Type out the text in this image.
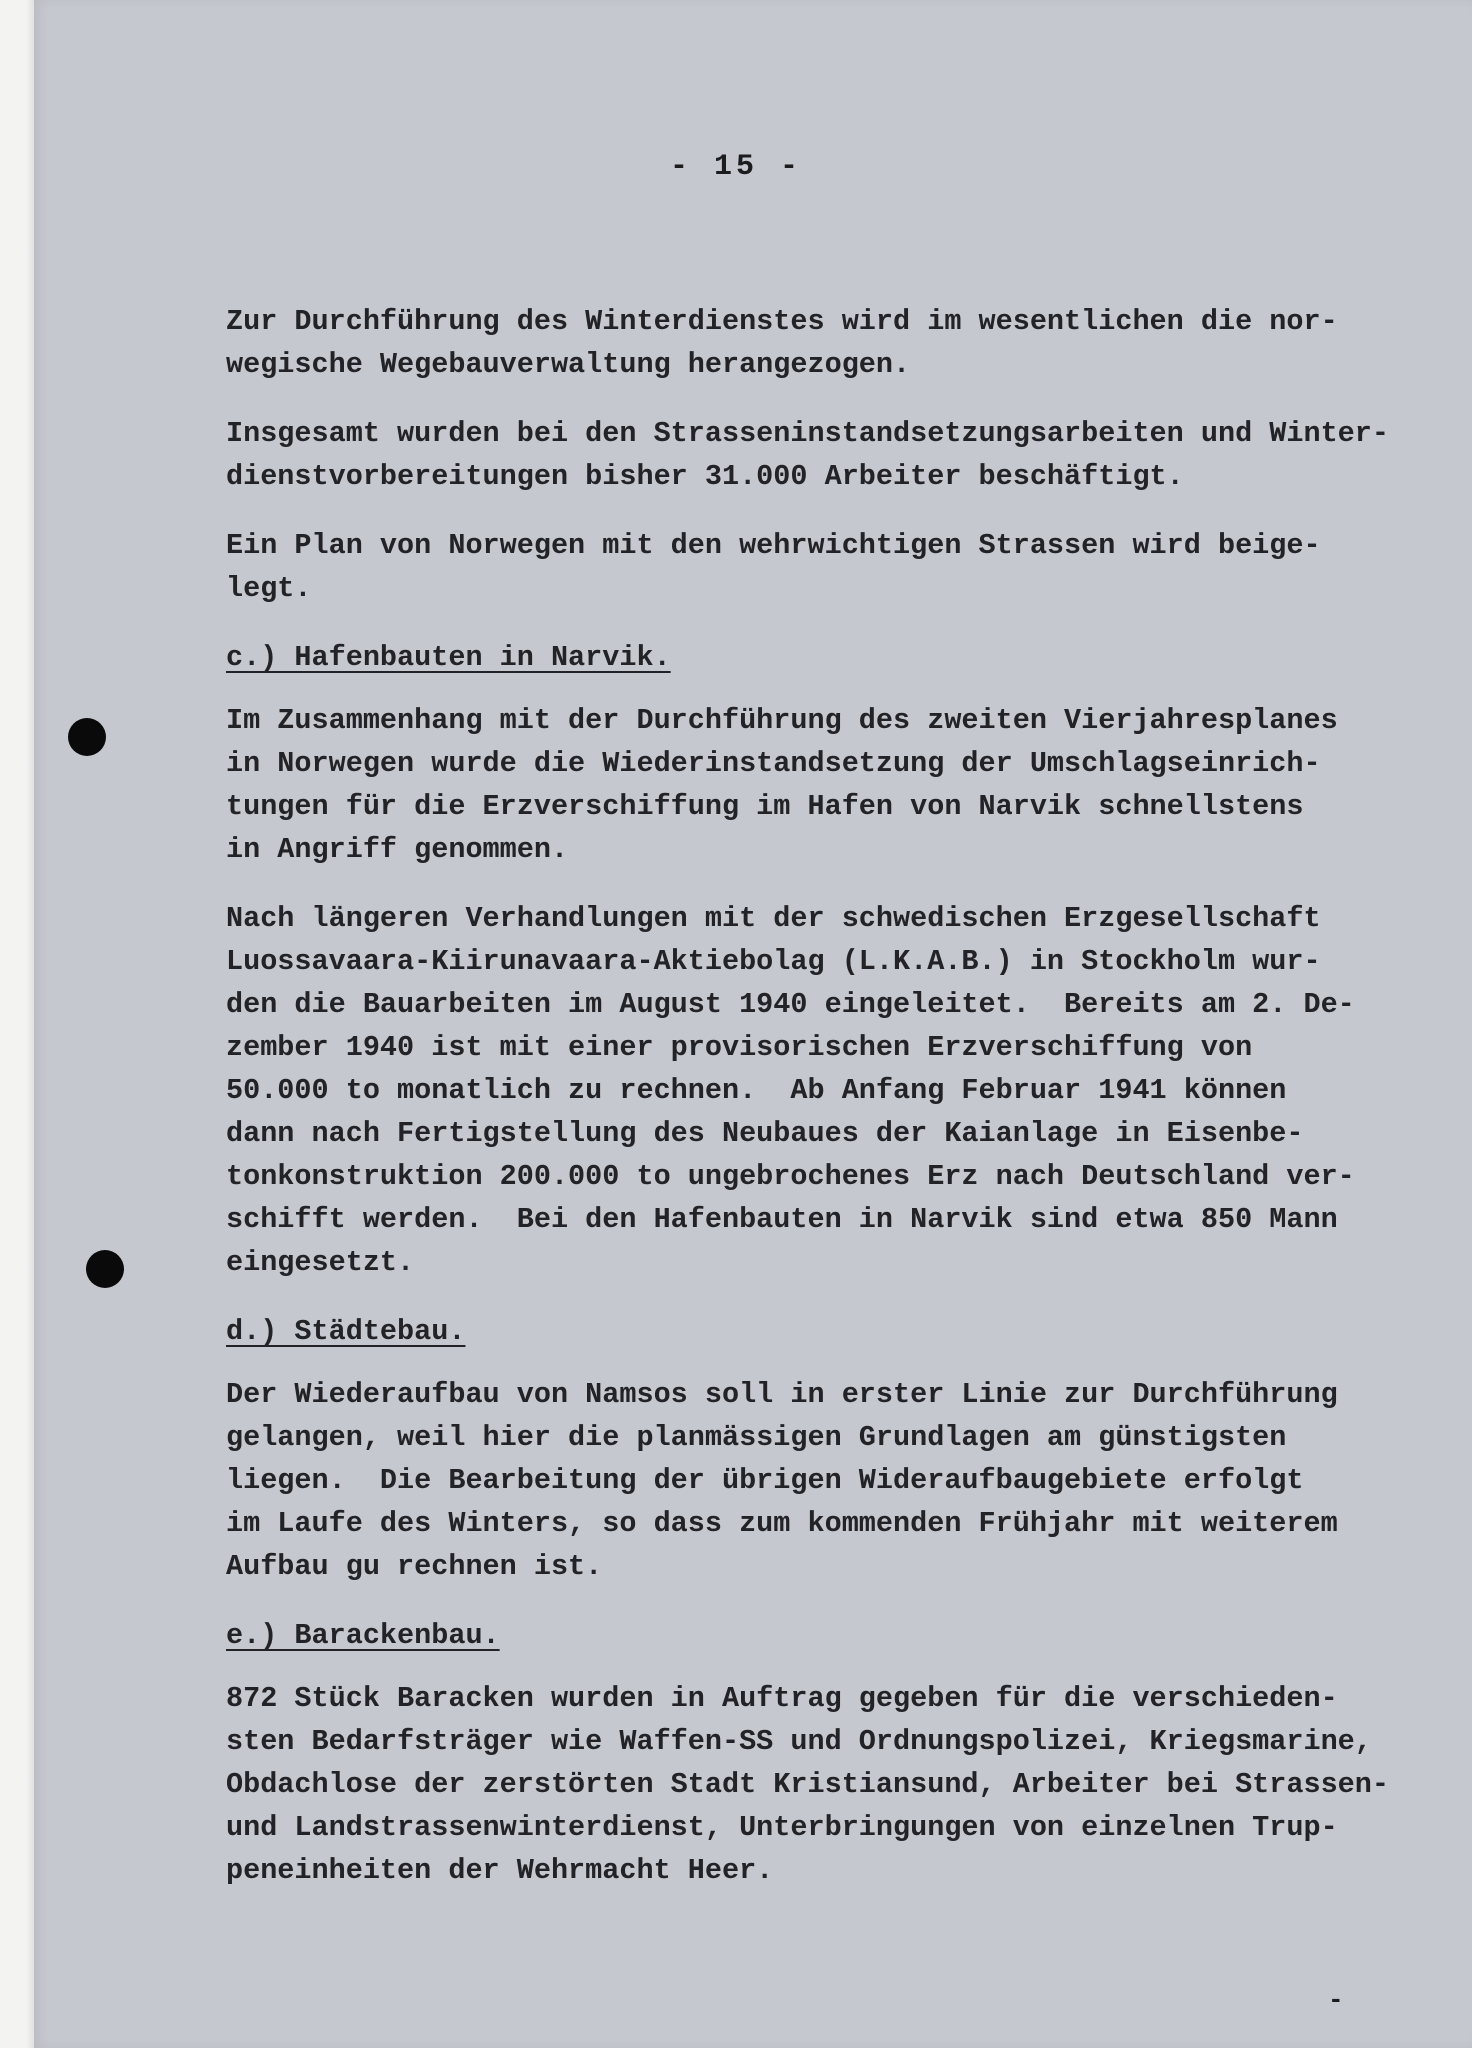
- 15 -

Zur Durchführung des Winterdienstes wird im wesentlichen die nor-
wegische Wegebauverwaltung herangezogen.

Insgesamt wurden bei den Strasseninstandsetzungsarbeiten und Winter-
dienstvorbereitungen bisher 31.000 Arbeiter beschäftigt.

Ein Plan von Norwegen mit den wehrwichtigen Strassen wird beige-
legt.

c.) Hafenbauten in Narvik.

Im Zusammenhang mit der Durchführung des zweiten Vierjahresplanes
in Norwegen wurde die Wiederinstandsetzung der Umschlagseinrich-
tungen für die Erzverschiffung im Hafen von Narvik schnellstens
in Angriff genommen.

Nach längeren Verhandlungen mit der schwedischen Erzgesellschaft
Luossavaara-Kiirunavaara-Aktiebolag (L.K.A.B.) in Stockholm wur-
den die Bauarbeiten im August 1940 eingeleitet.  Bereits am 2. De-
zember 1940 ist mit einer provisorischen Erzverschiffung von
50.000 to monatlich zu rechnen.  Ab Anfang Februar 1941 können
dann nach Fertigstellung des Neubaues der Kaianlage in Eisenbe-
tonkonstruktion 200.000 to ungebrochenes Erz nach Deutschland ver-
schifft werden.  Bei den Hafenbauten in Narvik sind etwa 850 Mann
eingesetzt.

d.) Städtebau.

Der Wiederaufbau von Namsos soll in erster Linie zur Durchführung
gelangen, weil hier die planmässigen Grundlagen am günstigsten
liegen.  Die Bearbeitung der übrigen Wideraufbaugebiete erfolgt
im Laufe des Winters, so dass zum kommenden Frühjahr mit weiterem
Aufbau gu rechnen ist.

e.) Barackenbau.

872 Stück Baracken wurden in Auftrag gegeben für die verschieden-
sten Bedarfsträger wie Waffen-SS und Ordnungspolizei, Kriegsmarine,
Obdachlose der zerstörten Stadt Kristiansund, Arbeiter bei Strassen-
und Landstrassenwinterdienst, Unterbringungen von einzelnen Trup-
peneinheiten der Wehrmacht Heer.

-
